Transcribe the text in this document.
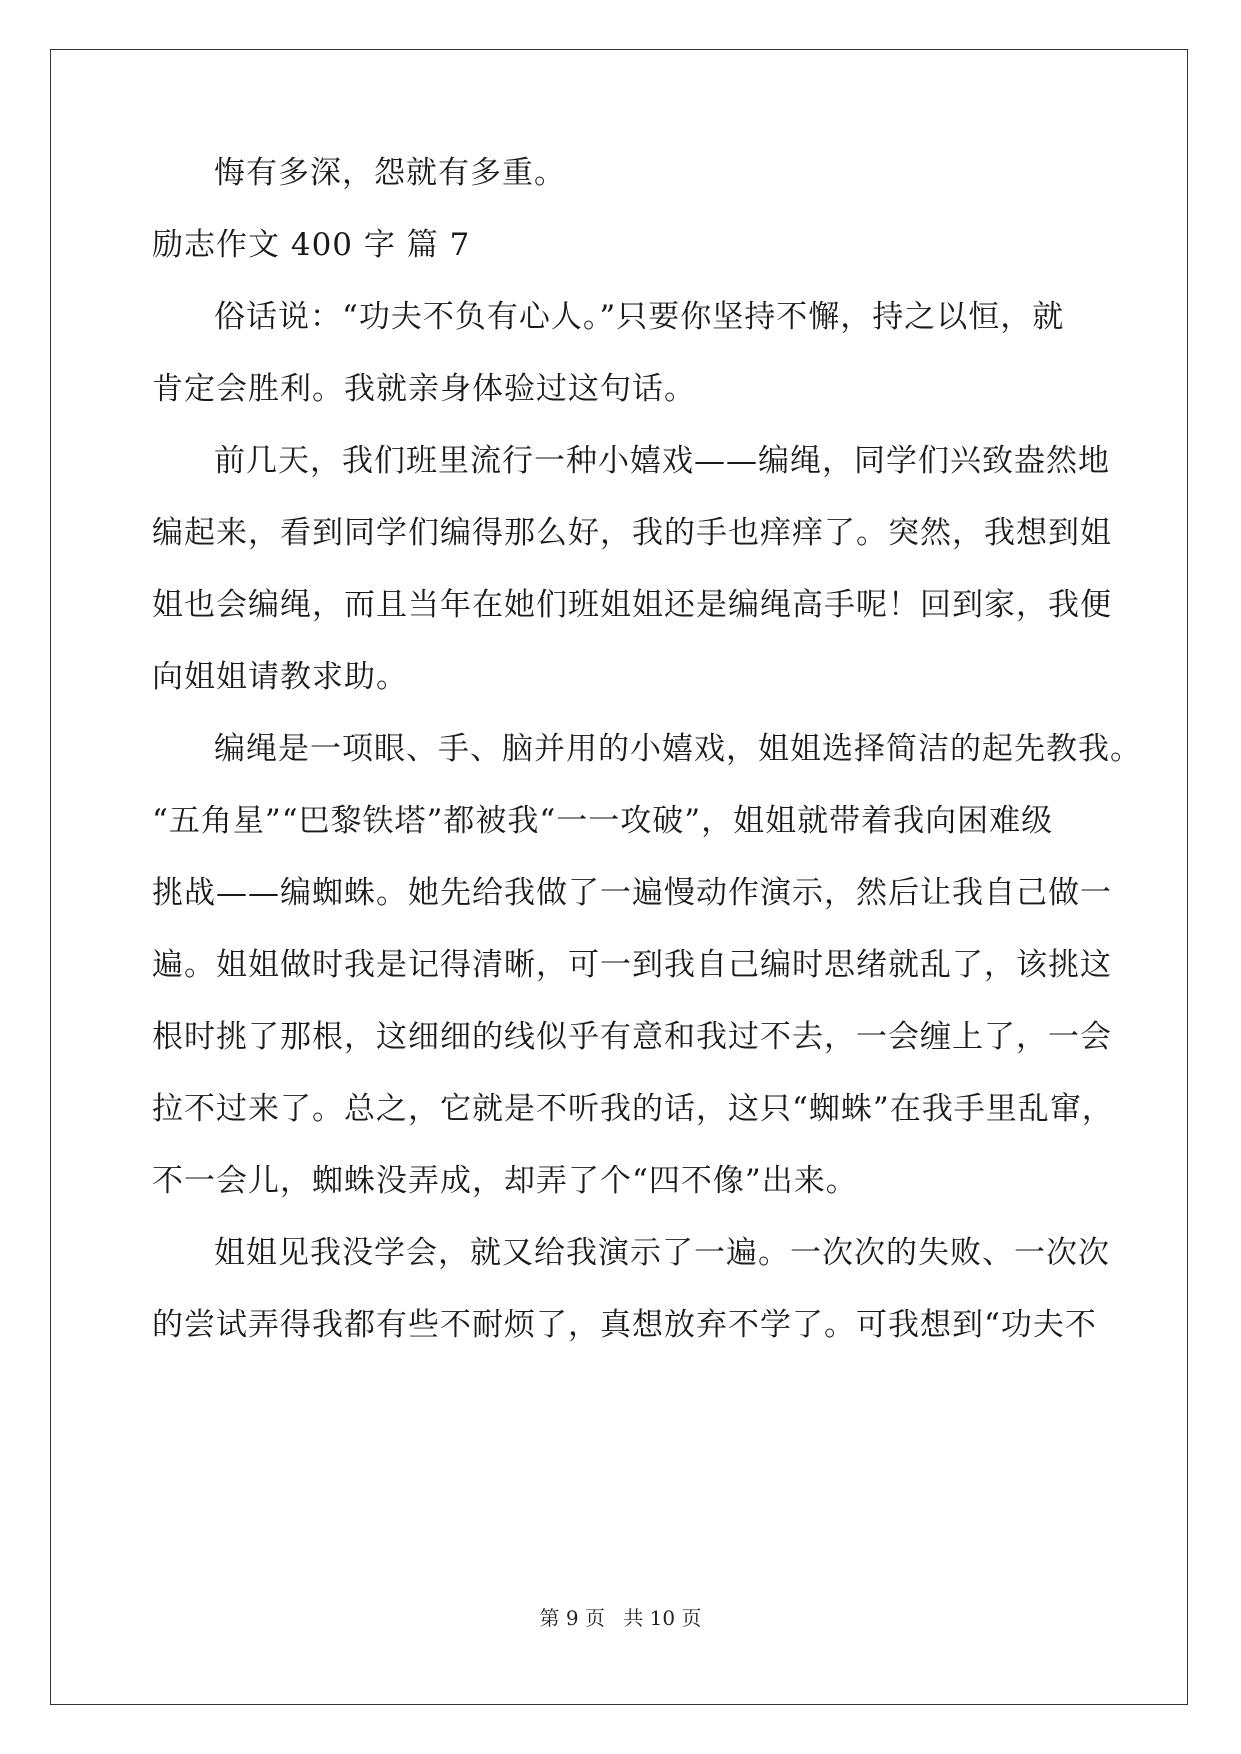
悔有多深，怨就有多重。
励志作文 400 字 篇 7
俗话说：“功夫不负有心人。”只要你坚持不懈，持之以恒，就
肯定会胜利。我就亲身体验过这句话。
前几天，我们班里流行一种小嬉戏——编绳，同学们兴致盎然地
编起来，看到同学们编得那么好，我的手也痒痒了。突然，我想到姐
姐也会编绳，而且当年在她们班姐姐还是编绳高手呢！回到家，我便
向姐姐请教求助。
编绳是一项眼、手、脑并用的小嬉戏，姐姐选择简洁的起先教我。
“五角星”“巴黎铁塔”都被我“一一攻破”，姐姐就带着我向困难级
挑战——编蜘蛛。她先给我做了一遍慢动作演示，然后让我自己做一
遍。姐姐做时我是记得清晰，可一到我自己编时思绪就乱了，该挑这
根时挑了那根，这细细的线似乎有意和我过不去，一会缠上了，一会
拉不过来了。总之，它就是不听我的话，这只“蜘蛛”在我手里乱窜，
不一会儿，蜘蛛没弄成，却弄了个“四不像”出来。
姐姐见我没学会，就又给我演示了一遍。一次次的失败、一次次
的尝试弄得我都有些不耐烦了，真想放弃不学了。可我想到“功夫不
第 9 页 共 10 页
